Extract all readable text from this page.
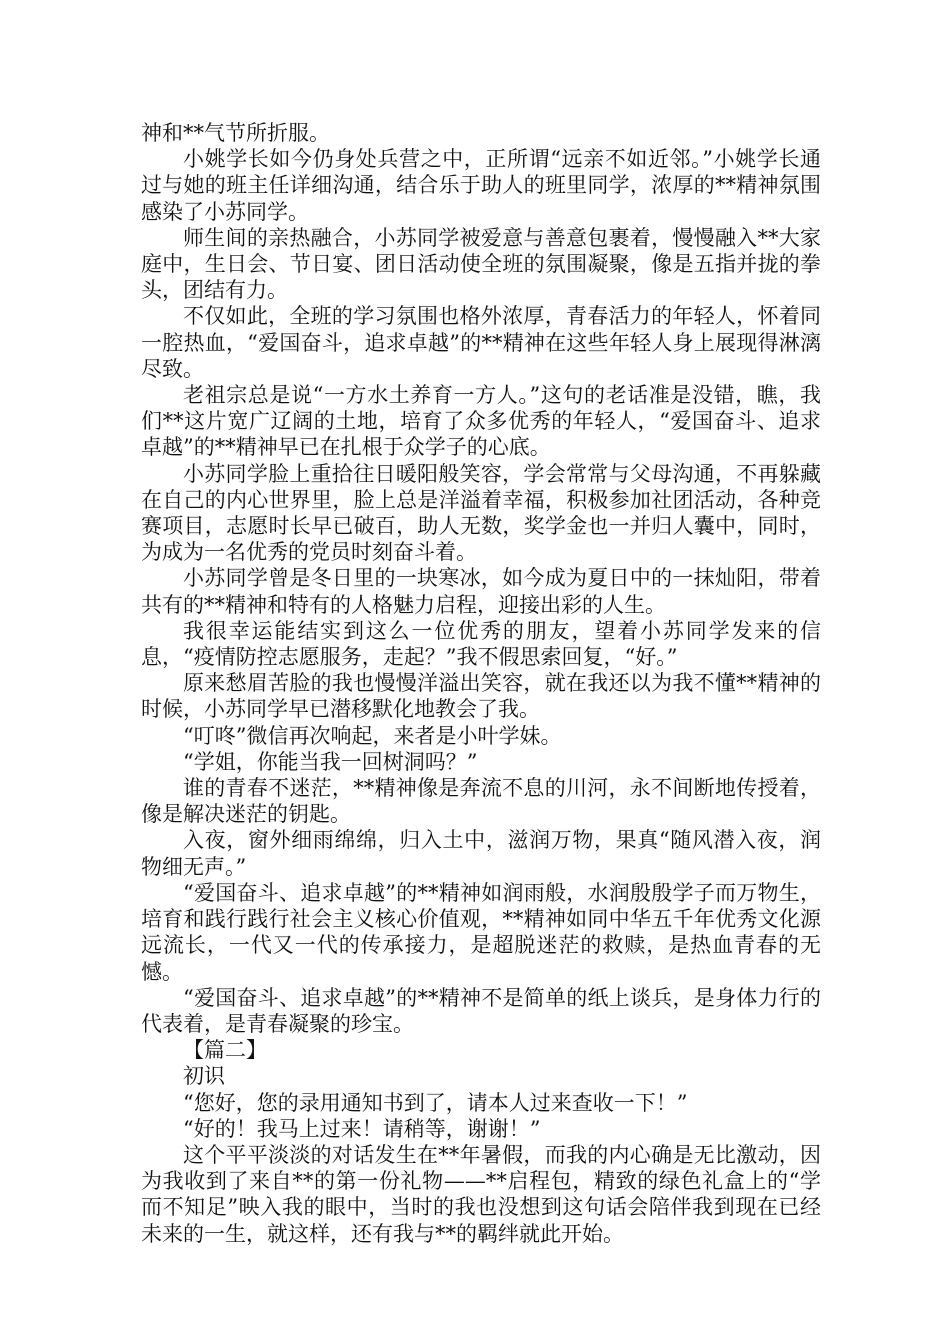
神和**气节所折服。

小姚学长如今仍身处兵营之中，正所谓“远亲不如近邻。”小姚学长通过与她的班主任详细沟通，结合乐于助人的班里同学，浓厚的**精神氛围感染了小苏同学。

师生间的亲热融合，小苏同学被爱意与善意包裹着，慢慢融入**大家庭中，生日会、节日宴、团日活动使全班的氛围凝聚，像是五指并拢的拳头，团结有力。

不仅如此，全班的学习氛围也格外浓厚，青春活力的年轻人，怀着同一腔热血，“爱国奋斗，追求卓越”的**精神在这些年轻人身上展现得淋漓尽致。

老祖宗总是说“一方水土养育一方人。”这句的老话准是没错，瞧，我们**这片宽广辽阔的土地，培育了众多优秀的年轻人，“爱国奋斗、追求卓越”的**精神早已在扎根于众学子的心底。

小苏同学脸上重拾往日暖阳般笑容，学会常常与父母沟通，不再躲藏在自己的内心世界里，脸上总是洋溢着幸福，积极参加社团活动，各种竞赛项目，志愿时长早已破百，助人无数，奖学金也一并归人囊中，同时，为成为一名优秀的党员时刻奋斗着。

小苏同学曾是冬日里的一块寒冰，如今成为夏日中的一抹灿阳，带着共有的**精神和特有的人格魅力启程，迎接出彩的人生。

我很幸运能结实到这么一位优秀的朋友，望着小苏同学发来的信息，“疫情防控志愿服务，走起？”我不假思索回复，“好。”

原来愁眉苦脸的我也慢慢洋溢出笑容，就在我还以为我不懂**精神的时候，小苏同学早已潜移默化地教会了我。

“叮咚”微信再次响起，来者是小叶学妹。

“学姐，你能当我一回树洞吗？”

谁的青春不迷茫，**精神像是奔流不息的川河，永不间断地传授着，像是解决迷茫的钥匙。

入夜，窗外细雨绵绵，归入土中，滋润万物，果真“随风潜入夜，润物细无声。”

“爱国奋斗、追求卓越”的**精神如润雨般，水润殷殷学子而万物生，培育和践行践行社会主义核心价值观，**精神如同中华五千年优秀文化源远流长，一代又一代的传承接力，是超脱迷茫的救赎，是热血青春的无憾。

“爱国奋斗、追求卓越”的**精神不是简单的纸上谈兵，是身体力行的代表着，是青春凝聚的珍宝。

【篇二】

初识

“您好，您的录用通知书到了，请本人过来查收一下！”

“好的！我马上过来！请稍等，谢谢！”

这个平平淡淡的对话发生在**年暑假，而我的内心确是无比激动，因为我收到了来自**的第一份礼物——**启程包，精致的绿色礼盒上的“学而不知足”映入我的眼中，当时的我也没想到这句话会陪伴我到现在已经未来的一生，就这样，还有我与**的羁绊就此开始。
